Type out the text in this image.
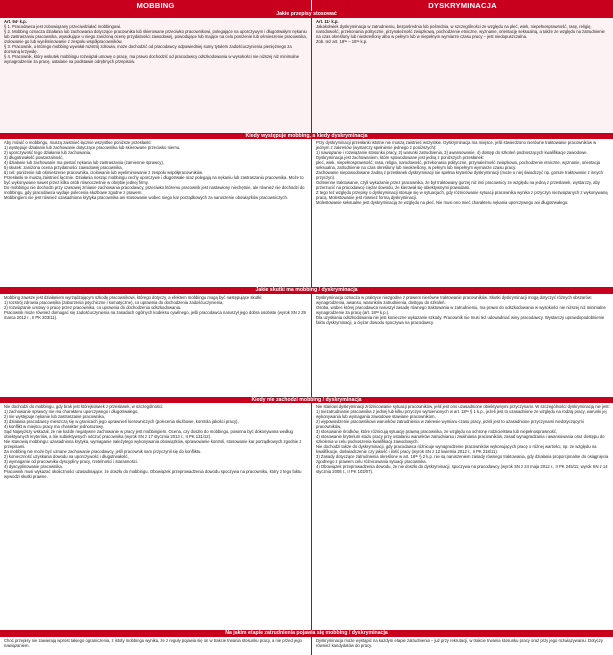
MOBBING	DYSKRYMINACJA
Jakie przepisy stosować

Art. 94³ k.p.

§ 1. Pracodawca jest zobowiązany przeciwdziałać mobbingowi.

§ 2. Mobbing oznacza działania lub zachowania dotyczące pracownika lub skierowane przeciwko pracownikowi, polegające na uporczywym i długotrwałym nękaniu lub zastraszaniu pracownika, wywołujące u niego zaniżoną ocenę przydatności zawodowej, powodujące lub mające na celu poniżenie lub ośmieszenie pracownika, izolowanie go lub wyeliminowanie z zespołu współpracowników.

§ 3. Pracownik, u którego mobbing wywołał rozstrój zdrowia, może dochodzić od pracodawcy odpowiedniej sumy tytułem zadośćuczynienia pieniężnego za doznaną krzywdę.

§ 4. Pracownik, który wskutek mobbingu rozwiązał umowę o pracę, ma prawo dochodzić od pracodawcy odszkodowania w wysokości nie niższej niż minimalne wynagrodzenie za pracę, ustalane na podstawie odrębnych przepisów.

Art. 11³ k.p.

Jakakolwiek dyskryminacja w zatrudnieniu, bezpośrednia lub pośrednia, w szczególności ze względu na płeć, wiek, niepełnosprawność, rasę, religię, narodowość, przekonania polityczne, przynależność związkową, pochodzenie etniczne, wyznanie, orientację seksualną, a także ze względu na zatrudnienie na czas określony lub nieokreślony albo w pełnym lub w niepełnym wymiarze czasu pracy – jest niedopuszczalna.

Zob. też art. 18³ᵃ – 18³ᵉ k.p.

Kiedy występuje mobbing, a kiedy dyskryminacja

Aby mówić o mobbingu, muszą zaistnieć łącznie wszystkie poniższe przesłanki:

1) występuje działanie lub zachowanie dotyczące pracownika lub skierowane przeciwko niemu,

2) uporczywość tego działania lub zachowania,

3) długotrwałość powtarzalność,

4) działanie lub zachowanie ma postać nękania lub zastraszania (zamiennie sprawcy),

5) skutek: zaniżona ocena przydatności zawodowej pracownika,

6) cel: poniżenie lub ośmieszenie pracownika, izolowanie lub wyeliminowanie z zespołu współpracowników.

Przesłanki te muszą zaistnieć łącznie. Działania nosząc mobbingu cechy uporczywe i długotrwałe oraz polegają na nękaniu lub zastraszaniu pracownika. Może to być wykonywane nawet przez kilka osób równocześnie w obrębie jednej firmy.

Do mobbingu nie dochodzi przy czasowej zmianie zachowania pracodawcy, przeciwko któremu pracownik jest nastawiony niechętnie, ale również nie dochodzi do mobbingu, gdy pracodawca wydaje polecenia służbowe zgodne z prawem.

Mobbingiem nie jest również uzasadniona krytyka pracownika ani stosowanie wobec niego kar porządkowych za naruszenie obowiązków pracowniczych.

Przy dyskryminacji przesłanki istotne nie muszą zaistnieć wszystkie. Dyskryminacja ma miejsce, jeśli stwierdzono nierówne traktowanie pracowników w jednym z zakresów (wystarczy spełnienie jednego z poniższych):

1) nawiązanie i rozwiązanie stosunku pracy, 2) warunki zatrudnienia, 3) awansowanie, 4) dostęp do szkoleń podnoszących kwalifikacje zawodowe.

Dyskryminacja jest zachowaniem, które spowodowane jest jedną z poniższych przesłanek:

płeć, wiek, niepełnosprawność, rasa, religia, narodowość, przekonania polityczne, przynależność związkowa, pochodzenie etniczne, wyznanie, orientacja seksualna, zatrudnienie na czas określony lub nieokreślony, w pełnym lub niepełnym wymiarze czasu pracy.

Zachowanie niepowodowane żadną z przesłanek dyskryminacji nie spełnia kryteriów dyskryminacji (może o niej świadczyć np. gorsze traktowanie z innych przyczyn).

Odmienne traktowanie, czyli wykazanie przez pracownika, że był traktowany gorzej niż inni pracownicy ze względu na jedną z przesłanek, wystarczy, aby przerzucić na pracodawcę ciężar dowodu, że kierował się obiektywnymi powodami.

Z tego też względu przepisy o dyskryminacji stosuje się w sytuacjach, gdy różnicowanie sytuacji pracownika wynika z przyczyn niezwiązanych z wykonywaną pracą. Molestowanie jest również formą dyskryminacji.

Molestowanie seksualne jest dyskryminacją ze względu na płeć. Nie musi ono mieć charakteru nękania uporczywego ani długotrwałego.

Jakie skutki ma mobbing / dyskryminacja

Mobbing zawsze jest działaniem wyrządzającym szkodę pracownikowi, którego dotyczy, a efektem mobbingu mogą być następujące skutki:

1) rozstrój zdrowia pracownika (zaburzenia psychiczne i somatyczne), co uprawnia do dochodzenia zadośćuczynienia,

2) rozwiązanie umowy o pracę przez pracownika, co uprawnia do dochodzenia odszkodowania.

Pracownik może również domagać się zadośćuczynienia na zasadach ogólnych kodeksu cywilnego, jeśli pracodawca naruszył jego dobra osobiste (wyrok SN z 29 marca 2012 r., II PK 203/11).

Dyskryminacja oznacza w praktyce niezgodne z prawem nierówne traktowanie pracowników. Skutki dyskryminacji mogą dotyczyć różnych obszarów: wynagrodzenia, awansu, warunków zatrudnienia, dostępu do szkoleń.

Osoba, wobec której pracodawca naruszył zasadę równego traktowania w zatrudnieniu, ma prawo do odszkodowania w wysokości nie niższej niż minimalne wynagrodzenie za pracę (art. 18³ᵈ k.p.).

Dla uzyskania odszkodowania nie jest konieczne wykazanie szkody. Pracownik nie musi też udowadniać winy pracodawcy. Wystarczy uprawdopodobnienie faktu dyskryminacji, a ciężar dowodu spoczywa na pracodawcy.

Kiedy nie zachodzi mobbing / dyskryminacja

Nie dochodzi do mobbingu, gdy brak jest którejkolwiek z przesłanek, w szczególności:

1) zachowanie sprawcy nie ma charakteru uporczywego i długotrwałego,

2) nie występuje nękanie lub zastraszanie pracownika,

3) działania pracodawcy mieszczą się w granicach jego uprawnień kierowniczych (polecenia służbowe, kontrola jakości pracy),

4) konflikt w miejscu pracy ma charakter jednorazowy.

Sąd Najwyższy wskazał, że nie każde negatywne zachowanie w pracy jest mobbingiem. Ocena, czy doszło do mobbingu, powinna być dokonywana według obiektywnych kryteriów, a nie subiektywnych odczuć pracownika (wyrok SN z 17 stycznia 2013 r., II PK 131/12).

Nie stanowią mobbingu: uzasadniona krytyka, wymaganie należytego wykonywania obowiązków, sprawowanie kontroli, stosowanie kar porządkowych zgodnie z przepisami.

Za mobbing nie może być uznane zachowanie pracodawcy, jeśli pracownik sam przyczynił się do konfliktu.

2) konieczność uzyskania dowodu na uporczywość i długotrwałość,

3) wymaganie od pracownika dyscypliny pracy, rzetelności i staranności.

4) dyscyplinowanie pracownika.

Pracownik musi wykazać okoliczności uzasadniające, że doszło do mobbingu. Obowiązek przeprowadzenia dowodu spoczywa na pracowniku, który z tego faktu wywodzi skutki prawne.

Nie stanowi dyskryminacji zróżnicowanie sytuacji pracowników, jeśli jest ono uzasadnione obiektywnymi przyczynami. W szczególności dyskryminacją nie jest:

1) niezatrudnianie pracownika z jednej lub kilku przyczyn wymienionych w art. 18³ᵃ § 1 k.p., jeżeli jest to uzasadnione ze względu na rodzaj pracy, warunki jej wykonywania lub wymagania zawodowe stawiane pracownikom,

2) wypowiedzenie pracownikowi warunków zatrudnienia w zakresie wymiaru czasu pracy, jeżeli jest to uzasadnione przyczynami niedotyczącymi pracowników,

3) stosowanie środków, które różnicują sytuację prawną pracownika, ze względu na ochronę rodzicielstwa lub niepełnosprawność,

4) stosowanie kryterium stażu pracy przy ustalaniu warunków zatrudniania i zwalniania pracowników, zasad wynagradzania i awansowania oraz dostępu do szkolenia w celu podnoszenia kwalifikacji zawodowych.

Nie dochodzi także do dyskryminacji, gdy pracodawca różnicuje wynagrodzenie pracowników wykonujących pracę o różnej wartości, np. ze względu na kwalifikacje, doświadczenie czy jakość i ilość pracy (wyrok SN z 12 kwietnia 2012 r., II PK 218/11).

3) Zasady dotyczące zatrudnienia określone w art. 18³ᵇ § 2 k.p. nie są naruszeniem zasady równego traktowania, gdy działania proporcjonalne do osiągnięcia zgodnego z prawem celu różnicowania sytuacji pracownika.

4) Obowiązek przeprowadzenia dowodu, że nie doszło do dyskryminacji, spoczywa na pracodawcy (wyrok SN z 24 maja 2012 r., II PK 245/11; wyrok SN z 14 stycznia 2008 r., II PK 102/07).

Na jakim etapie zatrudnienia pojawia się mobbing / dyskryminacja

Choć przepisy nie zawierają wprost takiego ograniczenia, z istoty mobbingu wynika, że z reguły pojawia się on w trakcie trwania stosunku pracy, a nie przed jego nawiązaniem.

Dyskryminacja może wystąpić na każdym etapie zatrudnienia – już przy rekrutacji, w trakcie trwania stosunku pracy oraz przy jego rozwiązywaniu. Dotyczy również kandydatów do pracy.
